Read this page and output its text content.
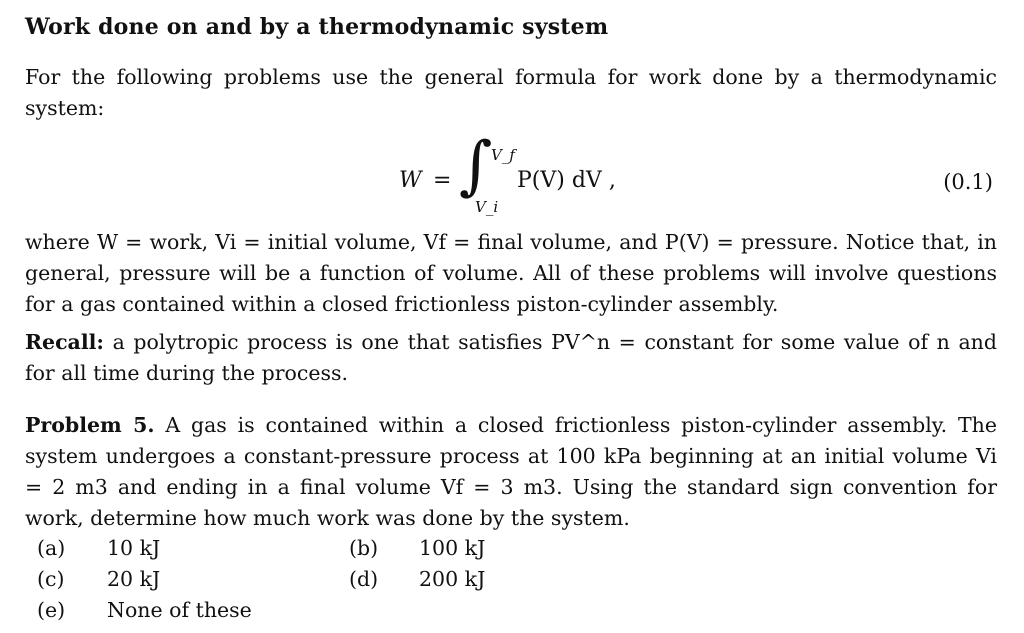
Work done on and by a thermodynamic system
For the following problems use the general formula for work done by a thermodynamic system:
W = ∫
V_f
V_i
P(V) dV ,	(0.1)
where W = work, Vi = initial volume, Vf = final volume, and P(V) = pressure. Notice that, in general, pressure will be a function of volume. All of these problems will involve questions for a gas contained within a closed frictionless piston-cylinder assembly.
Recall: a polytropic process is one that satisfies PV^n = constant for some value of n and for all time during the process.
Problem 5. A gas is contained within a closed frictionless piston-cylinder assembly. The system undergoes a constant-pressure process at 100 kPa beginning at an initial volume Vi = 2 m3 and ending in a final volume Vf = 3 m3. Using the standard sign convention for work, determine how much work was done by the system.
(a) 10 kJ	(b) 100 kJ
(c) 20 kJ	(d) 200 kJ
(e) None of these
